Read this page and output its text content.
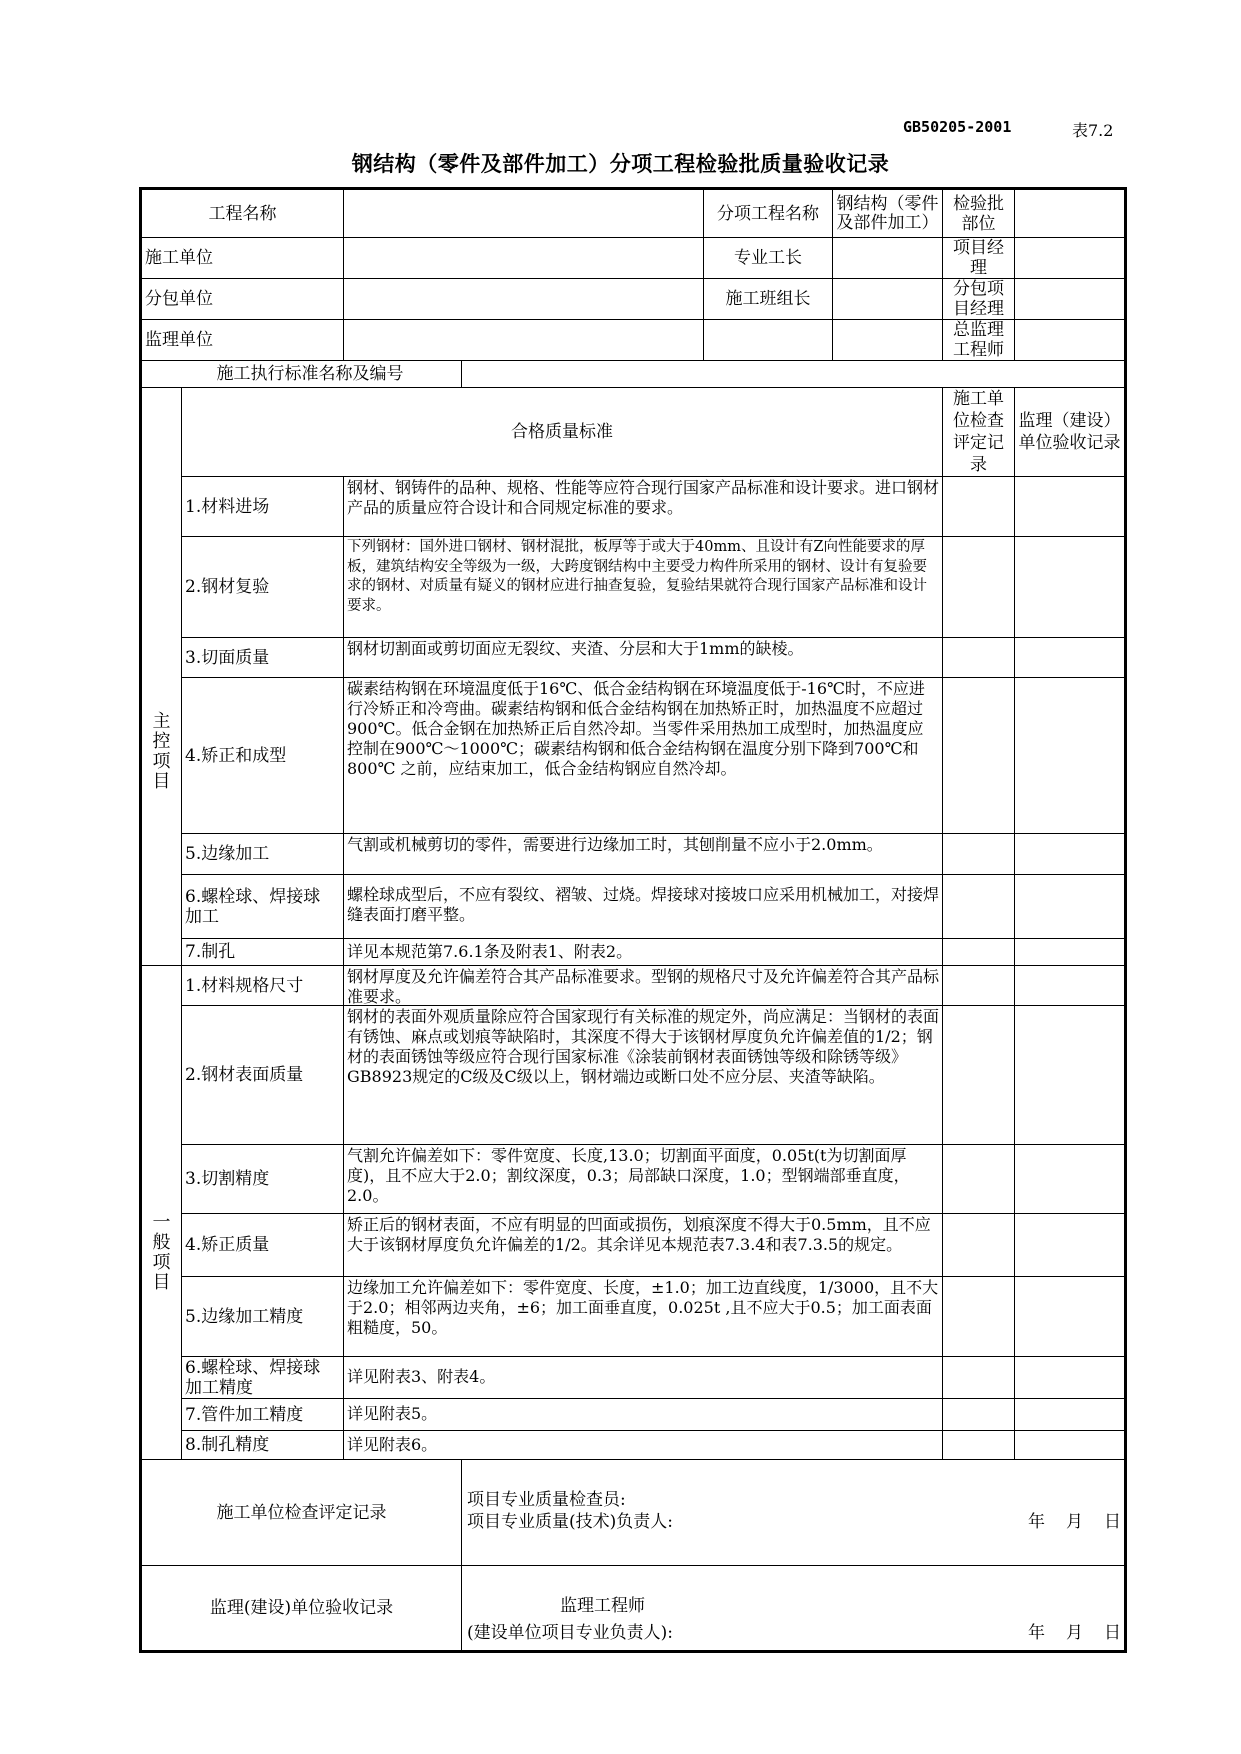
GB50205-2001	表7.2
钢结构（零件及部件加工）分项工程检验批质量验收记录
工程名称				分项工程名称	钢结构（零件及部件加工）	检验批部位	
施工单位				专业工长		项目经理	
分包单位				施工班组长		分包项目经理	
监理单位						总监理工程师	
施工执行标准名称及编号							

主
控
项
目	合格质量标准					施工单位检查评定记录	监理（建设）单位验收记录
	1.材料进场	钢材、钢铸件的品种、规格、性能等应符合现行国家产品标准和设计要求。进口钢材产品的质量应符合设计和合同规定标准的要求。					

	2.钢材复验	下列钢材：国外进口钢材、钢材混批，板厚等于或大于40mm、且设计有Z向性能要求的厚板，建筑结构安全等级为一级，大跨度钢结构中主要受力构件所采用的钢材、设计有复验要求的钢材、对质量有疑义的钢材应进行抽查复验，复验结果就符合现行国家产品标准和设计要求。					

	3.切面质量	钢材切割面或剪切面应无裂纹、夹渣、分层和大于1mm的缺棱。					

	4.矫正和成型	碳素结构钢在环境温度低于16℃、低合金结构钢在环境温度低于-16℃时，不应进行冷矫正和冷弯曲。碳素结构钢和低合金结构钢在加热矫正时，加热温度不应超过900℃。低合金钢在加热矫正后自然冷却。当零件采用热加工成型时，加热温度应控制在900℃～1000℃；碳素结构钢和低合金结构钢在温度分别下降到700℃和800℃ 之前，应结束加工，低合金结构钢应自然冷却。					

	5.边缘加工	气割或机械剪切的零件，需要进行边缘加工时，其刨削量不应小于2.0mm。					

	6.螺栓球、焊接球加工	螺栓球成型后，不应有裂纹、褶皱、过烧。焊接球对接坡口应采用机械加工，对接焊缝表面打磨平整。					

	7.制孔	详见本规范第7.6.1条及附表1、附表2。					

一
般
项
目	1.材料规格尺寸	钢材厚度及允许偏差符合其产品标准要求。型钢的规格尺寸及允许偏差符合其产品标准要求。					

	2.钢材表面质量	钢材的表面外观质量除应符合国家现行有关标准的规定外，尚应满足：当钢材的表面有锈蚀、麻点或划痕等缺陷时，其深度不得大于该钢材厚度负允许偏差值的1/2；钢材的表面锈蚀等级应符合现行国家标准《涂装前钢材表面锈蚀等级和除锈等级》GB8923规定的C级及C级以上，钢材端边或断口处不应分层、夹渣等缺陷。					

	3.切割精度	气割允许偏差如下：零件宽度、长度,13.0；切割面平面度，0.05t(t为切割面厚度)，且不应大于2.0；割纹深度，0.3；局部缺口深度，1.0；型钢端部垂直度，2.0。					

	4.矫正质量	矫正后的钢材表面，不应有明显的凹面或损伤，划痕深度不得大于0.5mm，且不应大于该钢材厚度负允许偏差的1/2。其余详见本规范表7.3.4和表7.3.5的规定。					

	5.边缘加工精度	边缘加工允许偏差如下：零件宽度、长度，±1.0；加工边直线度，1/3000，且不大于2.0；相邻两边夹角，±6；加工面垂直度，0.025t ,且不应大于0.5；加工面表面粗糙度，50。					

	6.螺栓球、焊接球加工精度	详见附表3、附表4。					

	7.管件加工精度	详见附表5。					

	8.制孔精度	详见附表6。					

施工单位检查评定记录			项目专业质量检查员:
项目专业质量(技术)负责人: 年 月 日				

监理(建设)单位验收记录			监理工程师
(建设单位项目专业负责人): 年 月 日				
